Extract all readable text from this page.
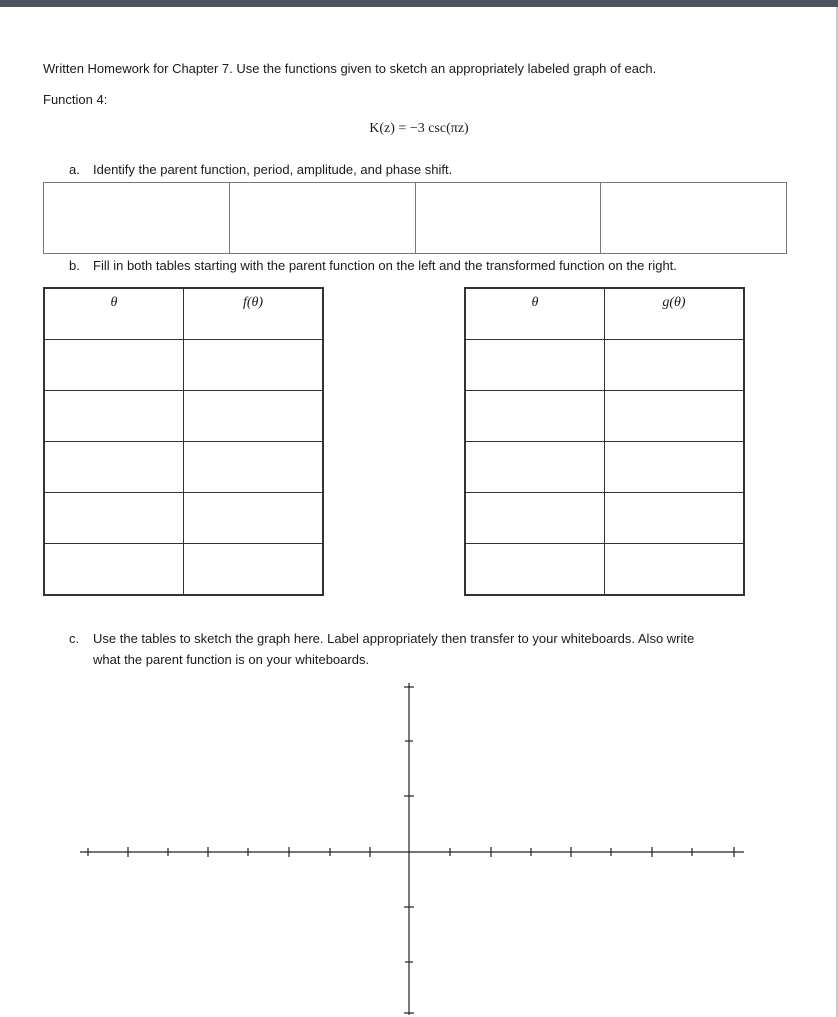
Written Homework for Chapter 7. Use the functions given to sketch an appropriately labeled graph of each.
Function 4:
K(z) = −3 csc(πz)
a. Identify the parent function, period, amplitude, and phase shift.
b. Fill in both tables starting with the parent function on the left and the transformed function on the right.
θ	f(θ)

		θ	g(θ)

c. Use the tables to sketch the graph here. Label appropriately then transfer to your whiteboards. Also write
what the parent function is on your whiteboards.
